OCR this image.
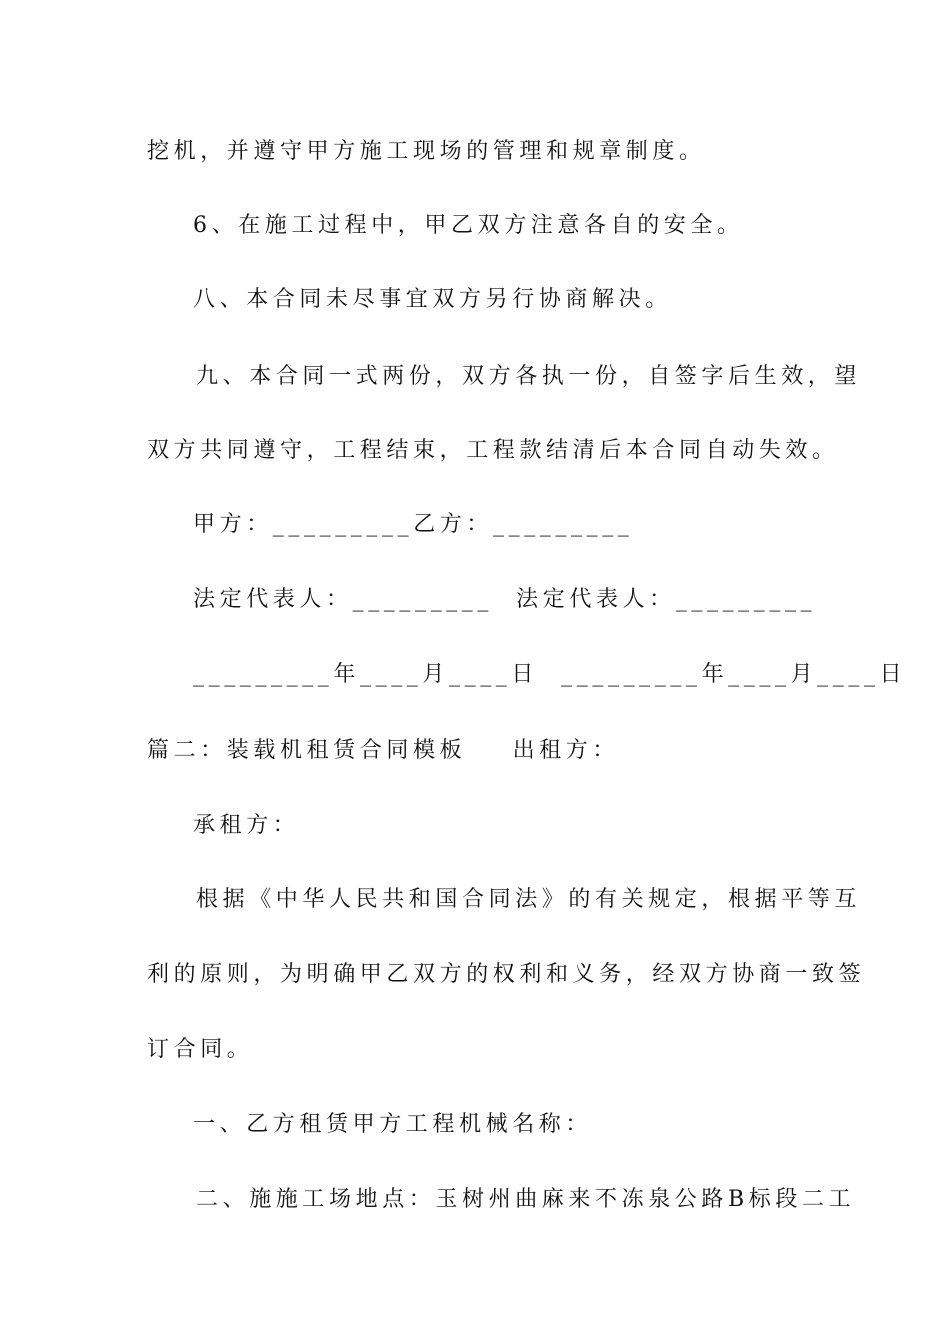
挖机，并遵守甲方施工现场的管理和规章制度。
6、在施工过程中，甲乙双方注意各自的安全。
八、本合同未尽事宜双方另行协商解决。
九、本合同一式两份，双方各执一份，自签字后生效，望
双方共同遵守，工程结束，工程款结清后本合同自动失效。
甲方：_________乙方：_________
法定代表人：_________  法定代表人：_________
_________年____月____日  _________年____月____日
篇二：装载机租赁合同模板    出租方：
承租方：
根据《中华人民共和国合同法》的有关规定，根据平等互
利的原则，为明确甲乙双方的权利和义务，经双方协商一致签
订合同。
一、乙方租赁甲方工程机械名称：
二、施施工场地点：玉树州曲麻来不冻泉公路B标段二工
